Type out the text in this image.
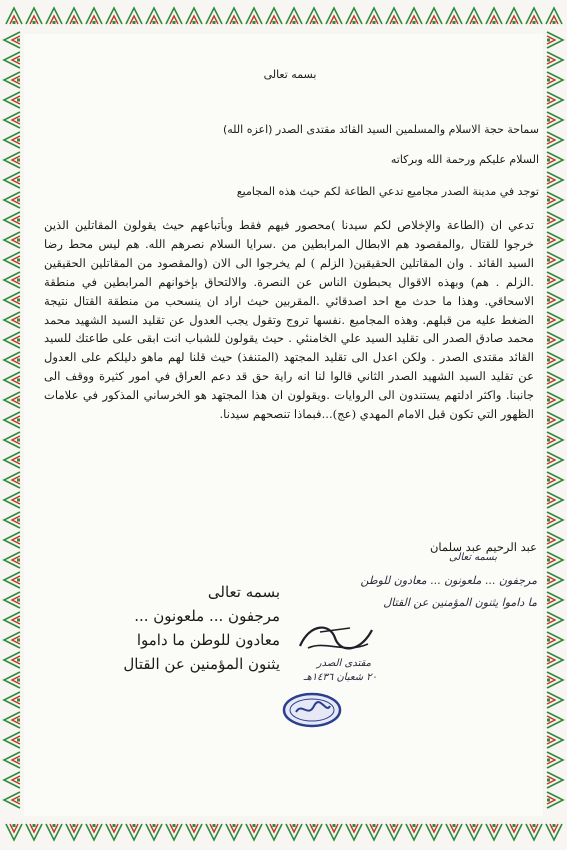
بسمه تعالى
سماحة حجة الاسلام والمسلمين السيد القائد مقتدى الصدر (اعزه الله)
السلام عليكم ورحمة الله وبركاته
توجد في مدينة الصدر مجاميع تدعي الطاعة لكم حيث هذه المجاميع
تدعي ان (الطاعة والإخلاص لكم سيدنا )محصور فيهم فقط وبأتباعهم حيث يقولون المقاتلين الذين خرجوا للقتال ,والمقصود هم الابطال المرابطين من .سرايا السلام نصرهم الله. هم ليس محط رضا السيد القائد . وان المقاتلين الحقيقين( الزلم ) لم يخرجوا الى الان (والمقصود من المقاتلين الحقيقين .الزلم . هم) وبهذه الاقوال يحبطون الناس عن النصرة. والالتحاق بإخوانهم المرابطين في منطقة الاسحاقي. وهذا ما حدث مع احد اصدقائي .المقربين حيث اراد ان ينسحب من منطقة القتال نتيجة الضغط عليه من قبلهم. وهذه المجاميع .نفسها تروج وتقول يجب العدول عن تقليد السيد الشهيد محمد محمد صادق الصدر الى تقليد السيد علي الخامنئي . حيث يقولون للشباب انت ابقى على طاعتك للسيد القائد مقتدى الصدر . ولكن اعدل الى تقليد المجتهد (المتنفذ) حيث قلنا لهم ماهو دليلكم على العدول عن تقليد السيد الشهيد الصدر الثاني قالوا لنا انه راية حق قد دعم العراق في امور كثيرة ووقف الى جانبنا. واكثر ادلتهم يستندون الى الروايات .ويقولون ان هذا المجتهد هو الخرساني المذكور في علامات الظهور التي تكون قبل الامام المهدي (عج)...فبماذا تنصحهم سيدنا.
عبد الرحيم عبد سلمان
بسمه تعالى
مرجفون ... ملعونون ... معادون للوطن
ما داموا يثنون المؤمنين عن القتال
مقتدى الصدر
٢٠ شعبان ١٤٣٦هـ
بسمه تعالى
مرجفون ... ملعونون ...
معادون للوطن ما داموا
يثنون المؤمنين عن القتال
